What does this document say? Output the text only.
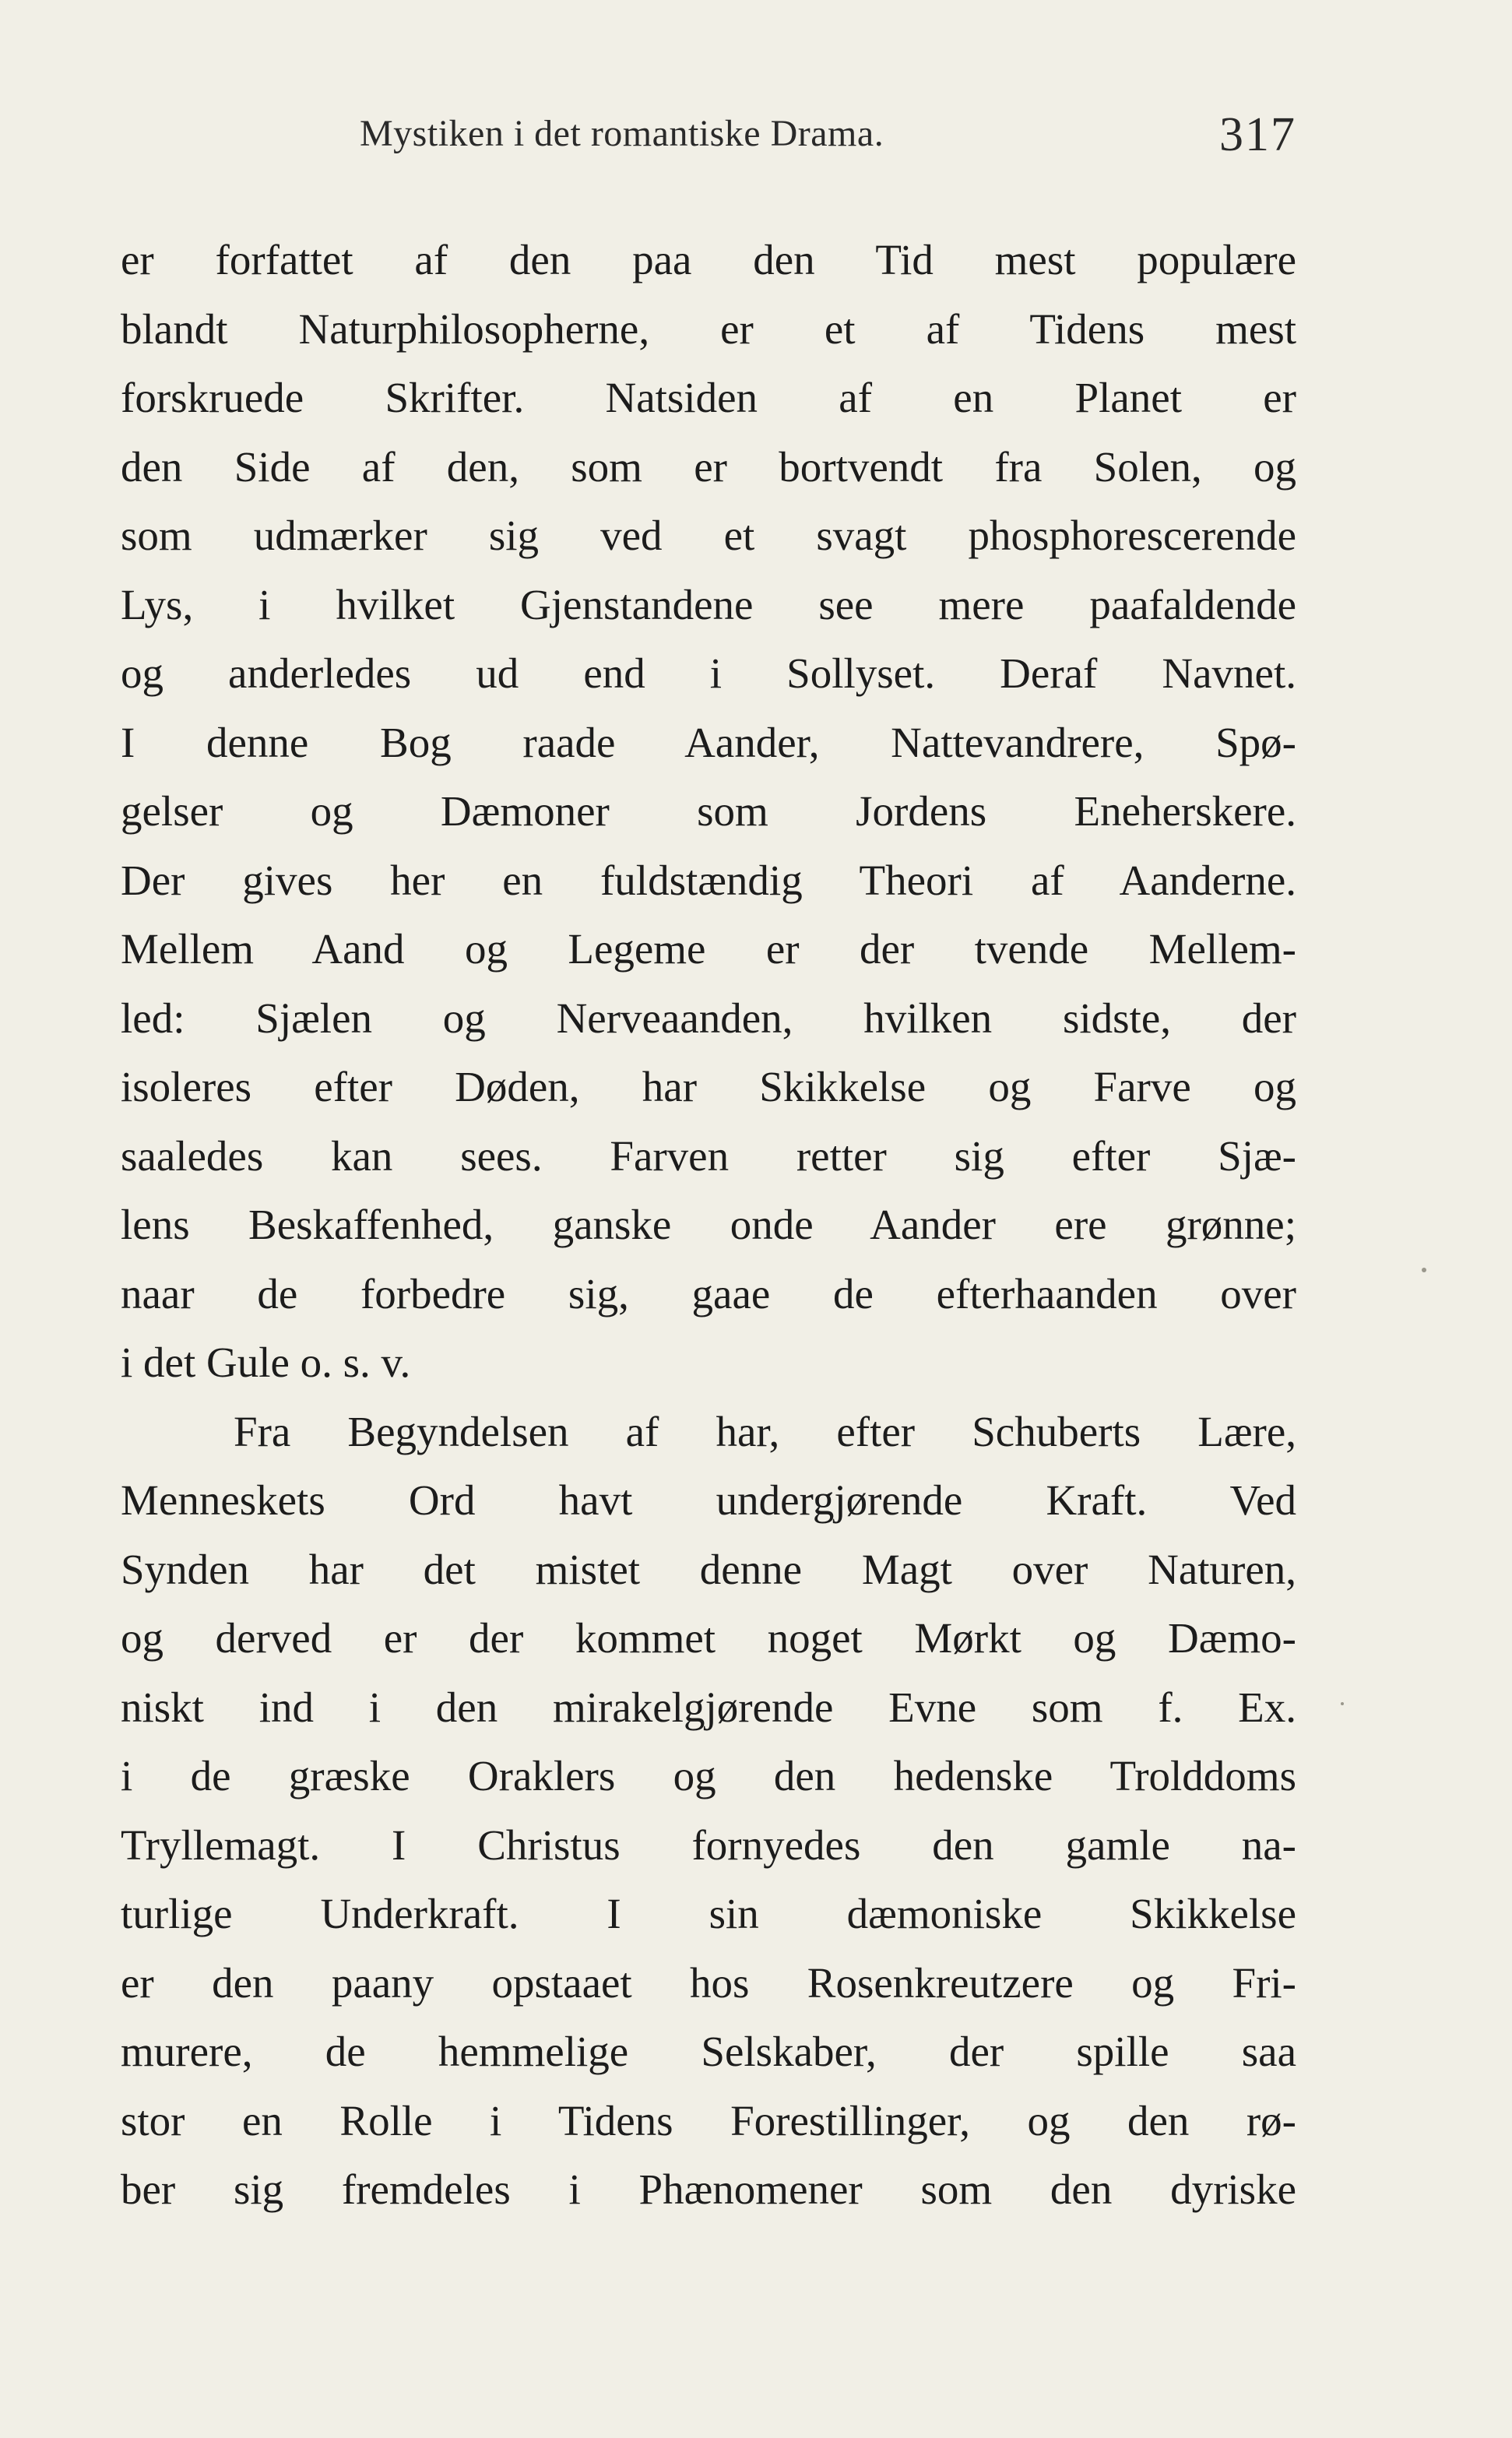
Mystiken i det romantiske Drama.	317
er forfattet af den paa den Tid mest populære
blandt Naturphilosopherne, er et af Tidens mest
forskruede Skrifter. Natsiden af en Planet er
den Side af den, som er bortvendt fra Solen, og
som udmærker sig ved et svagt phosphorescerende
Lys, i hvilket Gjenstandene see mere paafaldende
og anderledes ud end i Sollyset. Deraf Navnet.
I denne Bog raade Aander, Nattevandrere, Spø-
gelser og Dæmoner som Jordens Eneherskere.
Der gives her en fuldstændig Theori af Aanderne.
Mellem Aand og Legeme er der tvende Mellem-
led: Sjælen og Nerveaanden, hvilken sidste, der
isoleres efter Døden, har Skikkelse og Farve og
saaledes kan sees. Farven retter sig efter Sjæ-
lens Beskaffenhed, ganske onde Aander ere grønne;
naar de forbedre sig, gaae de efterhaanden over
i det Gule o. s. v.
Fra Begyndelsen af har, efter Schuberts Lære,
Menneskets Ord havt undergjørende Kraft. Ved
Synden har det mistet denne Magt over Naturen,
og derved er der kommet noget Mørkt og Dæmo-
niskt ind i den mirakelgjørende Evne som f. Ex.
i de græske Oraklers og den hedenske Trolddoms
Tryllemagt. I Christus fornyedes den gamle na-
turlige Underkraft. I sin dæmoniske Skikkelse
er den paany opstaaet hos Rosenkreutzere og Fri-
murere, de hemmelige Selskaber, der spille saa
stor en Rolle i Tidens Forestillinger, og den rø-
ber sig fremdeles i Phænomener som den dyriske
